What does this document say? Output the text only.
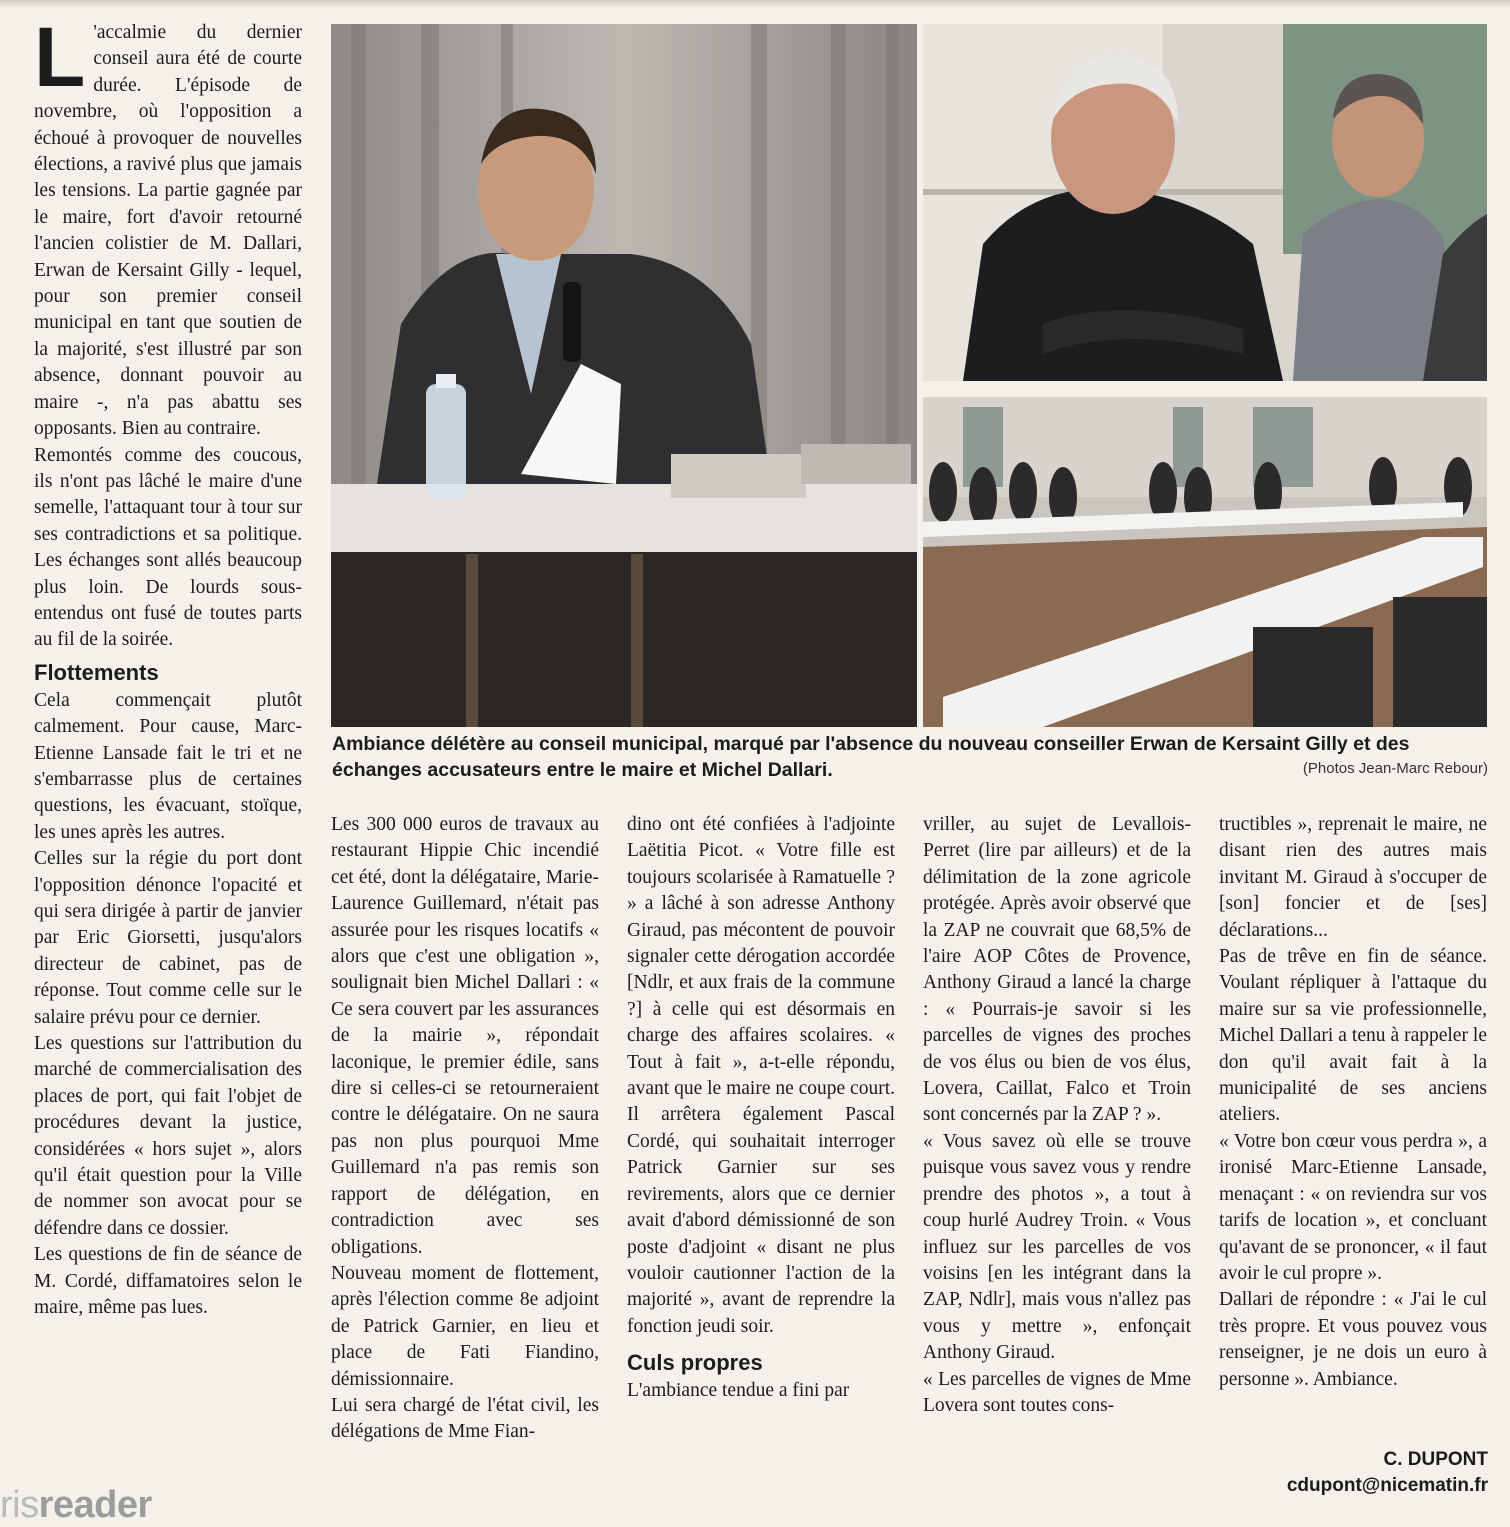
L 'accalmie du dernier conseil aura été de courte durée. L'épisode de novembre, où l'opposition a échoué à provoquer de nouvelles élections, a ravivé plus que jamais les tensions. La partie gagnée par le maire, fort d'avoir retourné l'ancien colistier de M. Dallari, Erwan de Kersaint Gilly - lequel, pour son premier conseil municipal en tant que soutien de la majorité, s'est illustré par son absence, donnant pouvoir au maire -, n'a pas abattu ses opposants. Bien au contraire.

Remontés comme des coucous, ils n'ont pas lâché le maire d'une semelle, l'attaquant tour à tour sur ses contradictions et sa politique. Les échanges sont allés beaucoup plus loin. De lourds sous-entendus ont fusé de toutes parts au fil de la soirée.

Flottements

Cela commençait plutôt calmement. Pour cause, Marc-Etienne Lansade fait le tri et ne s'embarrasse plus de certaines questions, les évacuant, stoïque, les unes après les autres.

Celles sur la régie du port dont l'opposition dénonce l'opacité et qui sera dirigée à partir de janvier par Eric Giorsetti, jusqu'alors directeur de cabinet, pas de réponse. Tout comme celle sur le salaire prévu pour ce dernier.

Les questions sur l'attribution du marché de commercialisation des places de port, qui fait l'objet de procédures devant la justice, considérées « hors sujet », alors qu'il était question pour la Ville de nommer son avocat pour se défendre dans ce dossier.

Les questions de fin de séance de M. Cordé, diffamatoires selon le maire, même pas lues.

Ambiance délétère au conseil municipal, marqué par l'absence du nouveau conseiller Erwan de Kersaint Gilly et des échanges accusateurs entre le maire et Michel Dallari.	(Photos Jean-Marc Rebour)

Les 300 000 euros de travaux au restaurant Hippie Chic incendié cet été, dont la délégataire, Marie-Laurence Guillemard, n'était pas assurée pour les risques locatifs « alors que c'est une obligation », soulignait bien Michel Dallari : « Ce sera couvert par les assurances de la mairie », répondait laconique, le premier édile, sans dire si celles-ci se retourneraient contre le délégataire. On ne saura pas non plus pourquoi Mme Guillemard n'a pas remis son rapport de délégation, en contradiction avec ses obligations.

Nouveau moment de flottement, après l'élection comme 8e adjoint de Patrick Garnier, en lieu et place de Fati Fiandino, démissionnaire.

Lui sera chargé de l'état civil, les délégations de Mme Fian-

dino ont été confiées à l'adjointe Laëtitia Picot. « Votre fille est toujours scolarisée à Ramatuelle ? » a lâché à son adresse Anthony Giraud, pas mécontent de pouvoir signaler cette dérogation accordée [Ndlr, et aux frais de la commune ?] à celle qui est désormais en charge des affaires scolaires. « Tout à fait », a-t-elle répondu, avant que le maire ne coupe court.

Il arrêtera également Pascal Cordé, qui souhaitait interroger Patrick Garnier sur ses revirements, alors que ce dernier avait d'abord démissionné de son poste d'adjoint « disant ne plus vouloir cautionner l'action de la majorité », avant de reprendre la fonction jeudi soir.

Culs propres

L'ambiance tendue a fini par

vriller, au sujet de Levallois-Perret (lire par ailleurs) et de la délimitation de la zone agricole protégée. Après avoir observé que la ZAP ne couvrait que 68,5% de l'aire AOP Côtes de Provence, Anthony Giraud a lancé la charge : « Pourrais-je savoir si les parcelles de vignes des proches de vos élus ou bien de vos élus, Lovera, Caillat, Falco et Troin sont concernés par la ZAP ? ».

« Vous savez où elle se trouve puisque vous savez vous y rendre prendre des photos », a tout à coup hurlé Audrey Troin. « Vous influez sur les parcelles de vos voisins [en les intégrant dans la ZAP, Ndlr], mais vous n'allez pas vous y mettre », enfonçait Anthony Giraud.

« Les parcelles de vignes de Mme Lovera sont toutes cons-

tructibles », reprenait le maire, ne disant rien des autres mais invitant M. Giraud à s'occuper de [son] foncier et de [ses] déclarations...

Pas de trêve en fin de séance. Voulant répliquer à l'attaque du maire sur sa vie professionnelle, Michel Dallari a tenu à rappeler le don qu'il avait fait à la municipalité de ses anciens ateliers.

« Votre bon cœur vous perdra », a ironisé Marc-Etienne Lansade, menaçant : « on reviendra sur vos tarifs de location », et concluant qu'avant de se prononcer, « il faut avoir le cul propre ».

Dallari de répondre : « J'ai le cul très propre. Et vous pouvez vous renseigner, je ne dois un euro à personne ». Ambiance.

C. DUPONT
cdupont@nicematin.fr
risreader
